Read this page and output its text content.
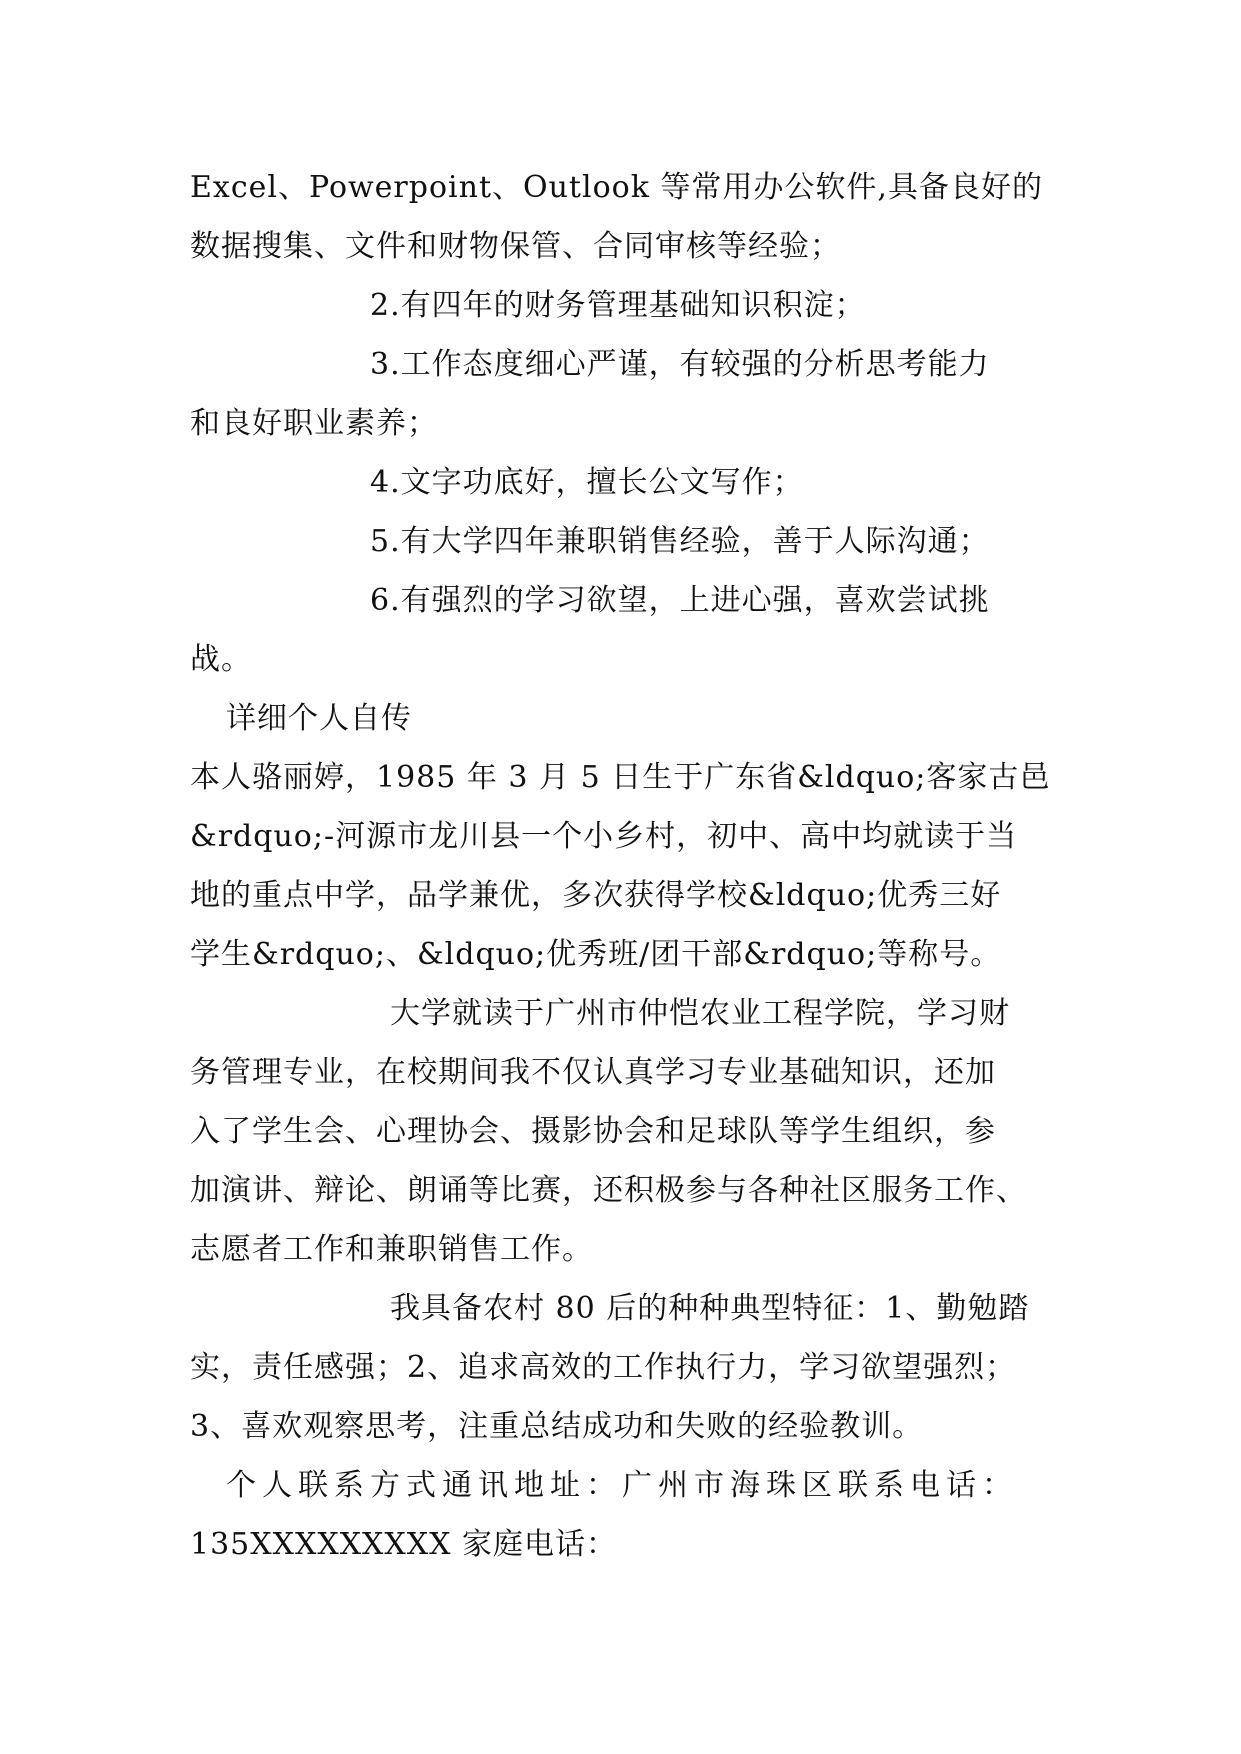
Excel、Powerpoint、Outlook 等常用办公软件,具备良好的
数据搜集、文件和财物保管、合同审核等经验；
2.有四年的财务管理基础知识积淀；
3.工作态度细心严谨，有较强的分析思考能力
和良好职业素养；
4.文字功底好，擅长公文写作；
5.有大学四年兼职销售经验，善于人际沟通；
6.有强烈的学习欲望，上进心强，喜欢尝试挑
战。
详细个人自传
本人骆丽婷，1985 年 3 月 5 日生于广东省&ldquo;客家古邑
&rdquo;-河源市龙川县一个小乡村，初中、高中均就读于当
地的重点中学，品学兼优，多次获得学校&ldquo;优秀三好
学生&rdquo;、&ldquo;优秀班/团干部&rdquo;等称号。
大学就读于广州市仲恺农业工程学院，学习财
务管理专业，在校期间我不仅认真学习专业基础知识，还加
入了学生会、心理协会、摄影协会和足球队等学生组织，参
加演讲、辩论、朗诵等比赛，还积极参与各种社区服务工作、
志愿者工作和兼职销售工作。
我具备农村 80 后的种种典型特征：1、勤勉踏
实，责任感强；2、追求高效的工作执行力，学习欲望强烈；
3、喜欢观察思考，注重总结成功和失败的经验教训。
个人联系方式通讯地址：广州市海珠区联系电话：
135XXXXXXXXX 家庭电话：
